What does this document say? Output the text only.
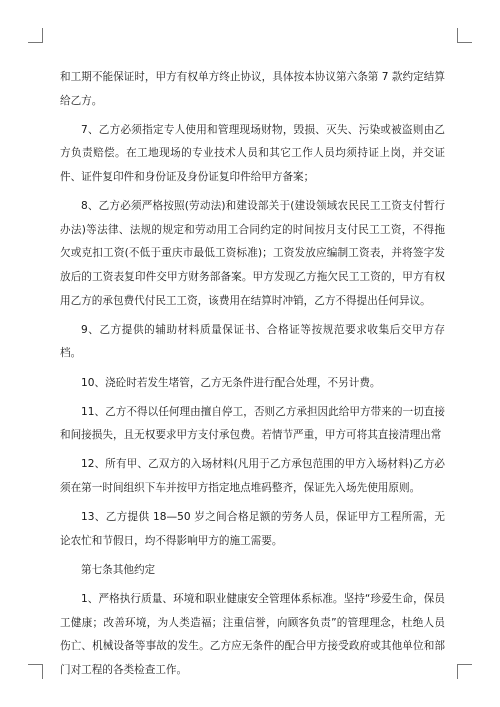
和工期不能保证时，甲方有权单方终止协议，具体按本协议第六条第 7 款约定结算给乙方。

7、乙方必须指定专人使用和管理现场财物，毁损、灭失、污染或被盗则由乙方负责赔偿。在工地现场的专业技术人员和其它工作人员均须持证上岗，并交证件、证件复印件和身份证及身份证复印件给甲方备案；

8、乙方必须严格按照(劳动法)和建设部关于(建设领域农民民工工资支付暂行办法)等法律、法规的规定和劳动用工合同约定的时间按月支付民工工资，不得拖欠或克扣工资(不低于重庆市最低工资标准)；工资发放应编制工资表，并将签字发放后的工资表复印件交甲方财务部备案。甲方发现乙方拖欠民工工资的，甲方有权用乙方的承包费代付民工工资，该费用在结算时冲销，乙方不得提出任何异议。

9、乙方提供的辅助材料质量保证书、合格证等按规范要求收集后交甲方存档。

10、浇砼时若发生堵管，乙方无条件进行配合处理，不另计费。

11、乙方不得以任何理由擅自停工，否则乙方承担因此给甲方带来的一切直接和间接损失，且无权要求甲方支付承包费。若情节严重，甲方可将其直接清理出常

12、所有甲、乙双方的入场材料(凡用于乙方承包范围的甲方入场材料)乙方必须在第一时间组织下车并按甲方指定地点堆码整齐，保证先入场先使用原则。

13、乙方提供 18—50 岁之间合格足额的劳务人员，保证甲方工程所需，无论农忙和节假日，均不得影响甲方的施工需要。

第七条其他约定

1、严格执行质量、环境和职业健康安全管理体系标准。坚持“珍爱生命，保员工健康；改善环境，为人类造福；注重信誉，向顾客负责”的管理理念，杜绝人员伤亡、机械设备等事故的发生。乙方应无条件的配合甲方接受政府或其他单位和部门对工程的各类检查工作。
